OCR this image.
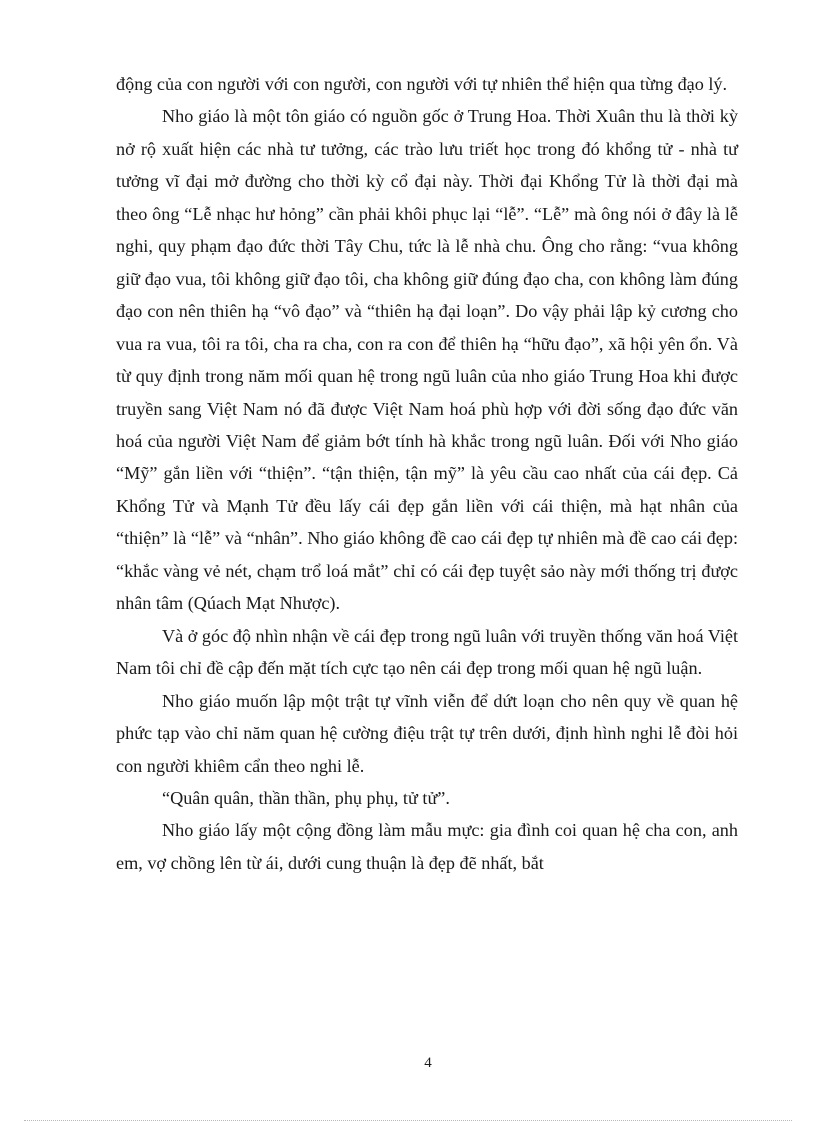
động của con người với con người, con người với tự nhiên thể hiện qua từng đạo lý.

Nho giáo là một tôn giáo có nguồn gốc ở Trung Hoa. Thời Xuân thu là thời kỳ nở rộ xuất hiện các nhà tư tưởng, các trào lưu triết học trong đó khổng tử - nhà tư tưởng vĩ đại mở đường cho thời kỳ cổ đại này. Thời đại Khổng Tử là thời đại mà theo ông “Lễ nhạc hư hỏng” cần phải khôi phục lại “lễ”. “Lễ” mà ông nói ở đây là lễ nghi, quy phạm đạo đức thời Tây Chu, tức là lễ nhà chu. Ông cho rằng: “vua không giữ đạo vua, tôi không giữ đạo tôi, cha không giữ đúng đạo cha, con không làm đúng đạo con nên thiên hạ “vô đạo” và “thiên hạ đại loạn”. Do vậy phải lập kỷ cương cho vua ra vua, tôi ra tôi, cha ra cha, con ra con để thiên hạ “hữu đạo”, xã hội yên ổn. Và từ quy định trong năm mối quan hệ trong ngũ luân của nho giáo Trung Hoa khi được truyền sang Việt Nam nó đã được Việt Nam hoá phù hợp với đời sống đạo đức văn hoá của người Việt Nam để giảm bớt tính hà khắc trong ngũ luân. Đối với Nho giáo “Mỹ” gắn liền với “thiện”. “tận thiện, tận mỹ” là yêu cầu cao nhất của cái đẹp. Cả Khổng Tử và Mạnh Tử đều lấy cái đẹp gắn liền với cái thiện, mà hạt nhân của “thiện” là “lễ” và “nhân”. Nho giáo không đề cao cái đẹp tự nhiên mà đề cao cái đẹp: “khắc vàng vẻ nét, chạm trổ loá mắt” chỉ có cái đẹp tuyệt sảo này mới thống trị được nhân tâm (Qúach Mạt Nhược).

Và ở góc độ nhìn nhận về cái đẹp trong ngũ luân với truyền thống văn hoá Việt Nam tôi chỉ đề cập đến mặt tích cực tạo nên cái đẹp trong mối quan hệ ngũ luận.

Nho giáo muốn lập một trật tự vĩnh viễn để dứt loạn cho nên quy về quan hệ phức tạp vào chỉ năm quan hệ cường điệu trật tự trên dưới, định hình nghi lễ đòi hỏi con người khiêm cẩn theo nghi lễ.

“Quân quân, thần thần, phụ phụ, tử tử”.

Nho giáo lấy một cộng đồng làm mẫu mực: gia đình coi quan hệ cha con, anh em, vợ chồng lên từ ái, dưới cung thuận là đẹp đẽ nhất, bắt

4
